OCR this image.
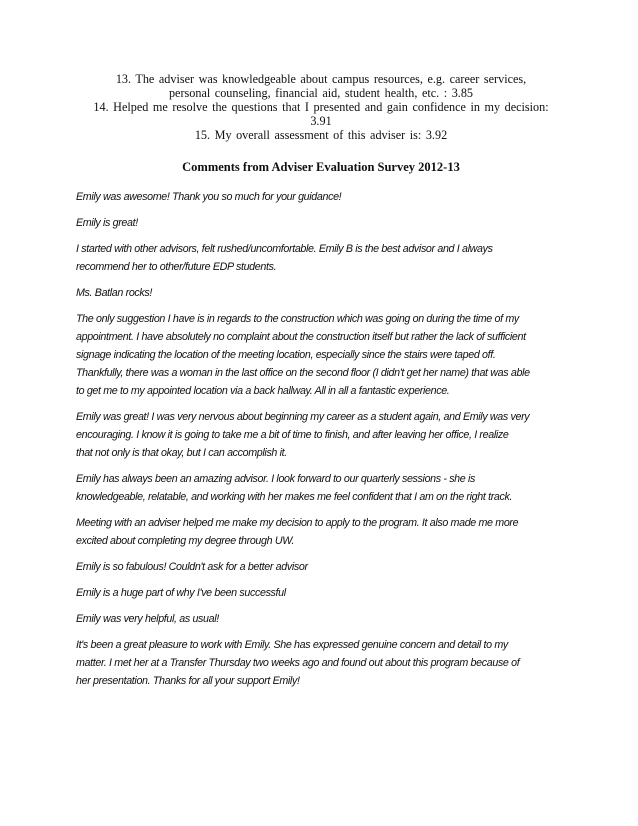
13. The adviser was knowledgeable about campus resources, e.g. career services,
personal counseling, financial aid, student health, etc. : 3.85

14. Helped me resolve the questions that I presented and gain confidence in my decision:
3.91

15. My overall assessment of this adviser is: 3.92

Comments from Adviser Evaluation Survey 2012-13

Emily was awesome! Thank you so much for your guidance!

Emily is great!

I started with other advisors, felt rushed/uncomfortable. Emily B is the best advisor and I always
recommend her to other/future EDP students.

Ms. Batlan rocks!

The only suggestion I have is in regards to the construction which was going on during the time of my
appointment. I have absolutely no complaint about the construction itself but rather the lack of sufficient
signage indicating the location of the meeting location, especially since the stairs were taped off.
Thankfully, there was a woman in the last office on the second floor (I didn't get her name) that was able
to get me to my appointed location via a back hallway. All in all a fantastic experience.

Emily was great! I was very nervous about beginning my career as a student again, and Emily was very
encouraging. I know it is going to take me a bit of time to finish, and after leaving her office, I realize
that not only is that okay, but I can accomplish it.

Emily has always been an amazing advisor. I look forward to our quarterly sessions - she is
knowledgeable, relatable, and working with her makes me feel confident that I am on the right track.

Meeting with an adviser helped me make my decision to apply to the program. It also made me more
excited about completing my degree through UW.

Emily is so fabulous! Couldn't ask for a better advisor

Emily is a huge part of why I've been successful

Emily was very helpful, as usual!

It's been a great pleasure to work with Emily. She has expressed genuine concern and detail to my
matter. I met her at a Transfer Thursday two weeks ago and found out about this program because of
her presentation. Thanks for all your support Emily!
